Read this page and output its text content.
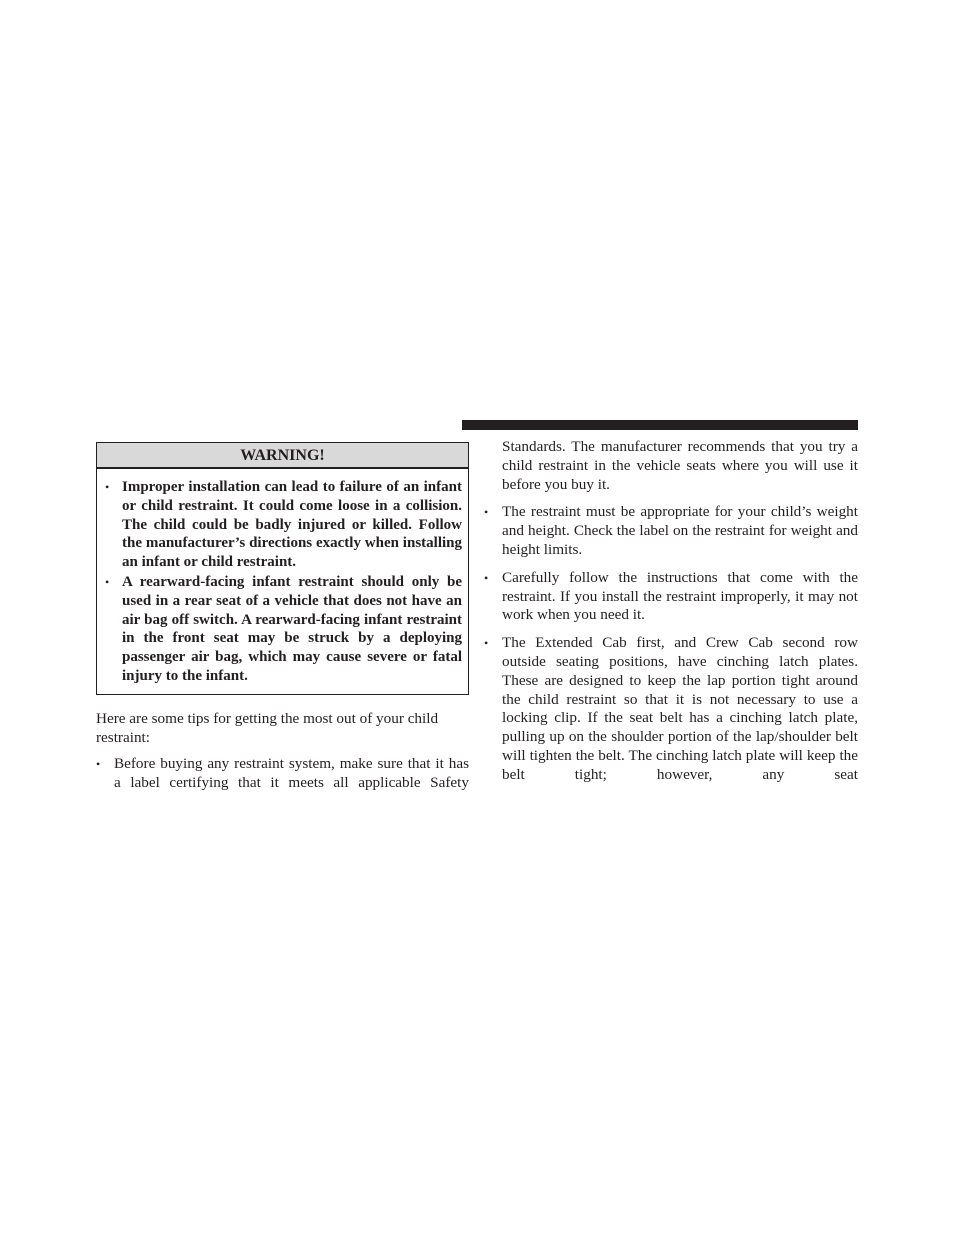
WARNING!
• Improper installation can lead to failure of an infant or child restraint. It could come loose in a collision. The child could be badly injured or killed. Follow the manufacturer’s directions exactly when installing an infant or child restraint.
• A rearward-facing infant restraint should only be used in a rear seat of a vehicle that does not have an air bag off switch. A rearward-facing infant restraint in the front seat may be struck by a deploying passenger air bag, which may cause severe or fatal injury to the infant.

Here are some tips for getting the most out of your child restraint:

• Before buying any restraint system, make sure that it has a label certifying that it meets all applicable Safety

Standards. The manufacturer recommends that you try a child restraint in the vehicle seats where you will use it before you buy it.

• The restraint must be appropriate for your child’s weight and height. Check the label on the restraint for weight and height limits.
• Carefully follow the instructions that come with the restraint. If you install the restraint improperly, it may not work when you need it.
• The Extended Cab first, and Crew Cab second row outside seating positions, have cinching latch plates. These are designed to keep the lap portion tight around the child restraint so that it is not necessary to use a locking clip. If the seat belt has a cinching latch plate, pulling up on the shoulder portion of the lap/shoulder belt will tighten the belt. The cinching latch plate will keep the belt tight; however, any seat
